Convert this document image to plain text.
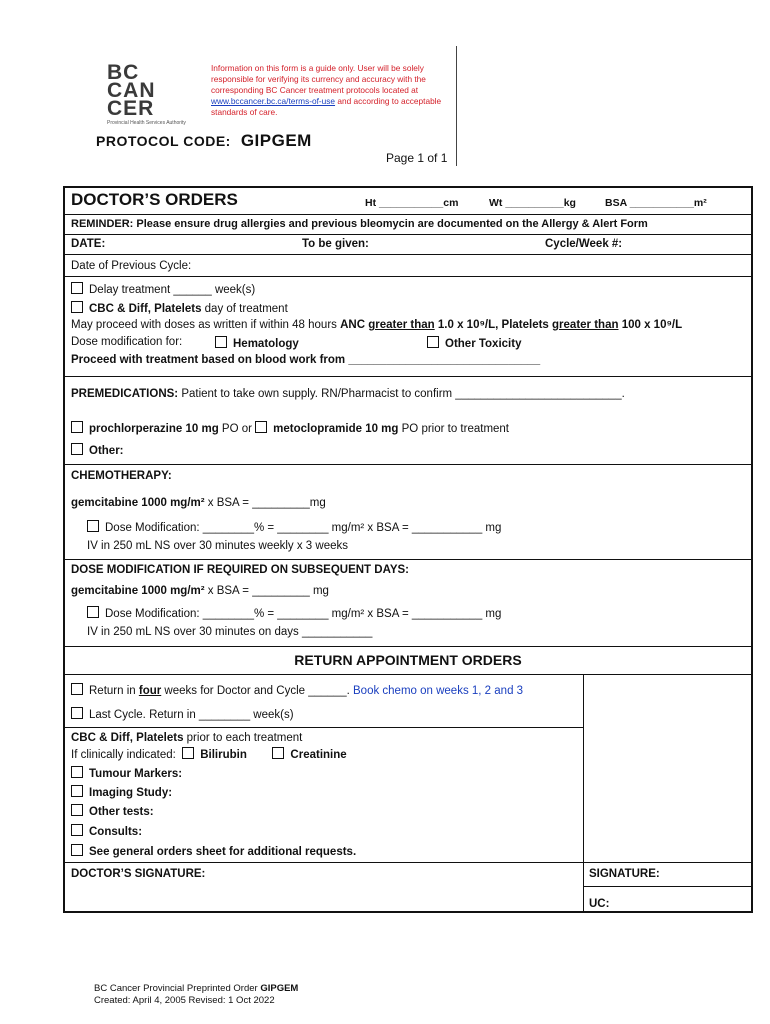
BC
CAN
CER
Provincial Health Services Authority
Information on this form is a guide only. User will be solely responsible for verifying its currency and accuracy with the corresponding BC Cancer treatment protocols located at www.bccancer.bc.ca/terms-of-use and according to acceptable standards of care.
PROTOCOL CODE: GIPGEM
Page 1 of 1
DOCTOR’S ORDERS	Ht ___________cm	Wt __________kg	BSA ___________m²
REMINDER: Please ensure drug allergies and previous bleomycin are documented on the Allergy & Alert Form
DATE:	To be given:	Cycle/Week #:
Date of Previous Cycle:
Delay treatment ______ week(s)
CBC & Diff, Platelets day of treatment
May proceed with doses as written if within 48 hours ANC greater than 1.0 x 10⁹/L, Platelets greater than 100 x 10⁹/L
Dose modification for:	Hematology	Other Toxicity
Proceed with treatment based on blood work from ______________________________
PREMEDICATIONS: Patient to take own supply. RN/Pharmacist to confirm __________________________.
prochlorperazine 10 mg PO or metoclopramide 10 mg PO prior to treatment
Other:
CHEMOTHERAPY:
gemcitabine 1000 mg/m² x BSA = _________mg
Dose Modification: ________% = ________ mg/m² x BSA = ___________ mg
IV in 250 mL NS over 30 minutes weekly x 3 weeks
DOSE MODIFICATION IF REQUIRED ON SUBSEQUENT DAYS:
gemcitabine 1000 mg/m² x BSA = _________ mg
Dose Modification: ________% = ________ mg/m² x BSA = ___________ mg
IV in 250 mL NS over 30 minutes on days ___________
RETURN APPOINTMENT ORDERS
Return in four weeks for Doctor and Cycle ______. Book chemo on weeks 1, 2 and 3
Last Cycle. Return in ________ week(s)
CBC & Diff, Platelets prior to each treatment
If clinically indicated: Bilirubin	Creatinine
Tumour Markers:
Imaging Study:
Other tests:
Consults:
See general orders sheet for additional requests.
DOCTOR’S SIGNATURE:	SIGNATURE:
UC:
BC Cancer Provincial Preprinted Order GIPGEM
Created: April 4, 2005 Revised: 1 Oct 2022
